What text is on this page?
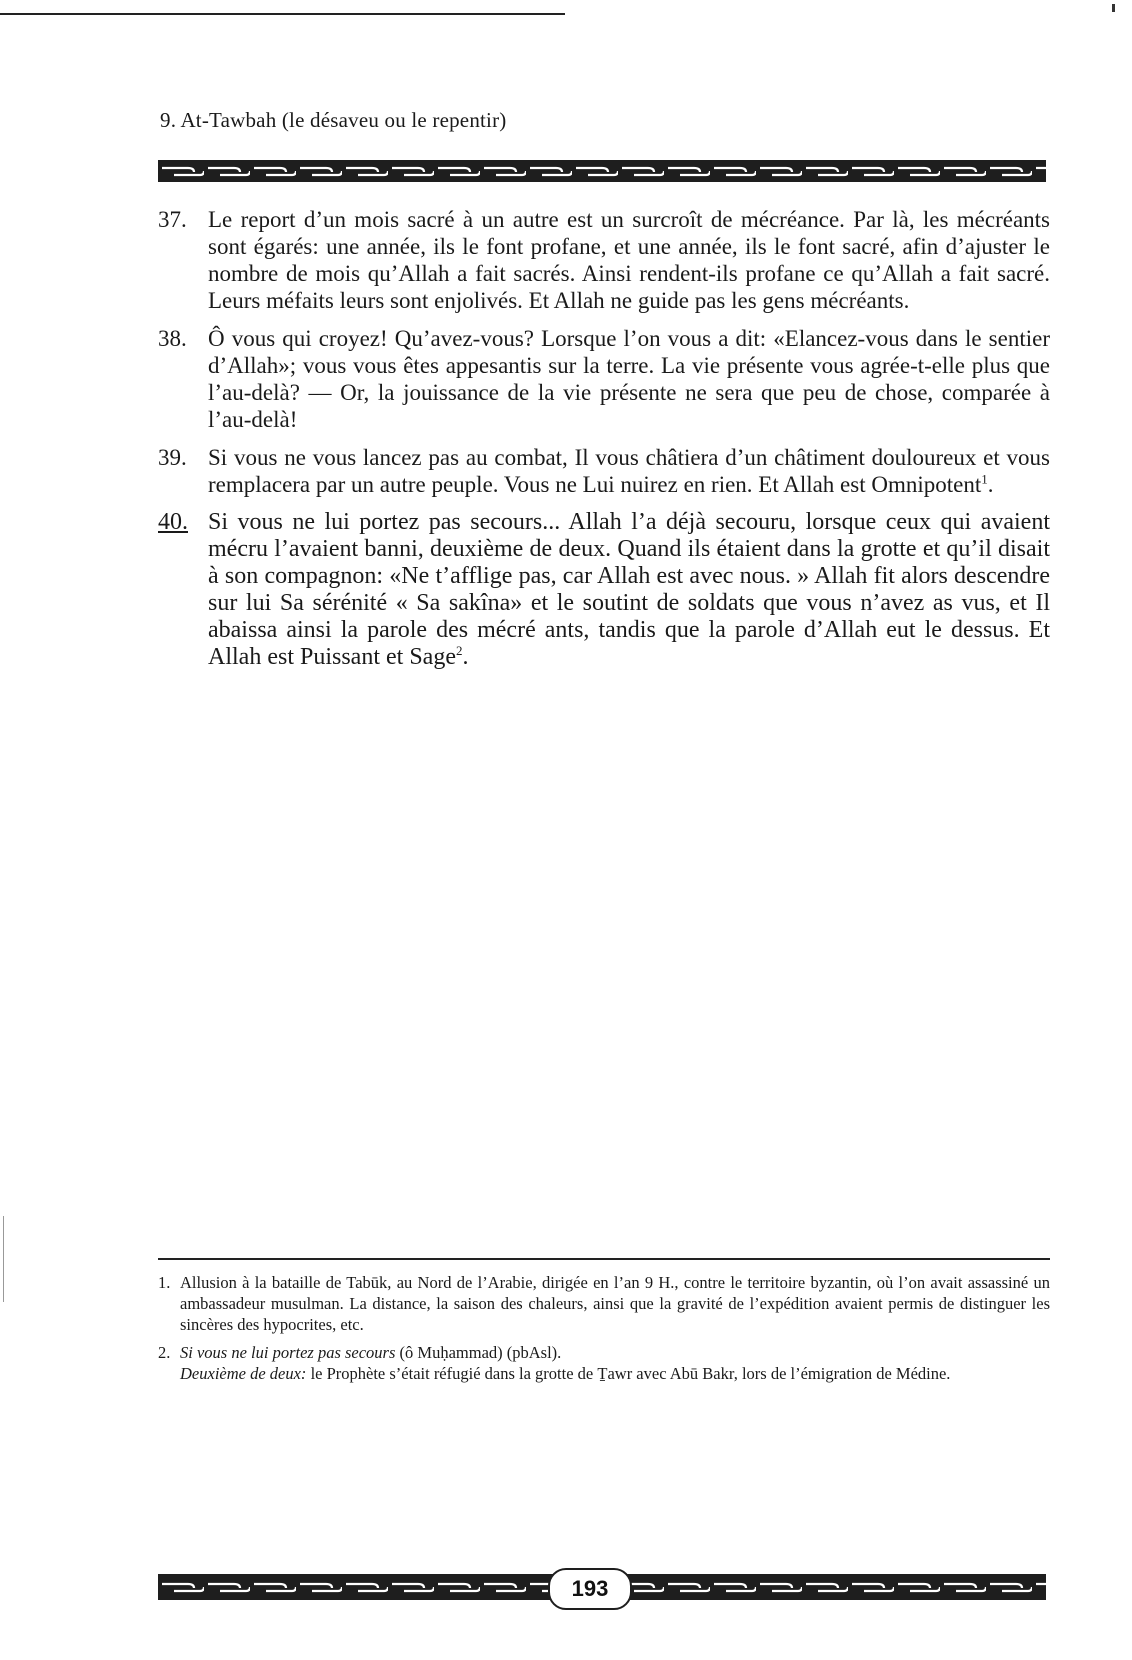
9. At-Tawbah (le désaveu ou le repentir)
37. Le report d’un mois sacré à un autre est un surcroît de mécréance. Par là, les mécréants sont égarés: une année, ils le font profane, et une année, ils le font sacré, afin d’ajuster le nombre de mois qu’Allah a fait sacrés. Ainsi rendent-ils profane ce qu’Allah a fait sacré. Leurs méfaits leurs sont enjolivés. Et Allah ne guide pas les gens mécréants.
38. Ô vous qui croyez! Qu’avez-vous? Lorsque l’on vous a dit: «Elancez-vous dans le sentier d’Allah»; vous vous êtes appesantis sur la terre. La vie présente vous agrée-t-elle plus que l’au-delà? — Or, la jouissance de la vie présente ne sera que peu de chose, comparée à l’au-delà!
39. Si vous ne vous lancez pas au combat, Il vous châtiera d’un châtiment douloureux et vous remplacera par un autre peuple. Vous ne Lui nuirez en rien. Et Allah est Omnipotent$^1$.
40. Si vous ne lui portez pas secours... Allah l’a déjà secouru, lorsque ceux qui avaient mécru l’avaient banni, deuxième de deux. Quand ils étaient dans la grotte et qu’il disait à son compagnon: «Ne t’afflige pas, car Allah est avec nous. » Allah fit alors descendre sur lui Sa sérénité « Sa sakîna» et le soutint de soldats que vous n’avez as vus, et Il abaissa ainsi la parole des mécré ants, tandis que la parole d’Allah eut le dessus. Et Allah est Puissant et Sage$^2$.
1. Allusion à la bataille de Tabūk, au Nord de l’Arabie, dirigée en l’an 9 H., contre le territoire byzantin, où l’on avait assassiné un ambassadeur musulman. La distance, la saison des chaleurs, ainsi que la gravité de l’expédition avaient permis de distinguer les sincères des hypocrites, etc.
2. Si vous ne lui portez pas secours (ô Muḥammad) (pbAsl).
Deuxième de deux: le Prophète s’était réfugié dans la grotte de Ṯawr avec Abū Bakr, lors de l’émigration de Médine.
193
